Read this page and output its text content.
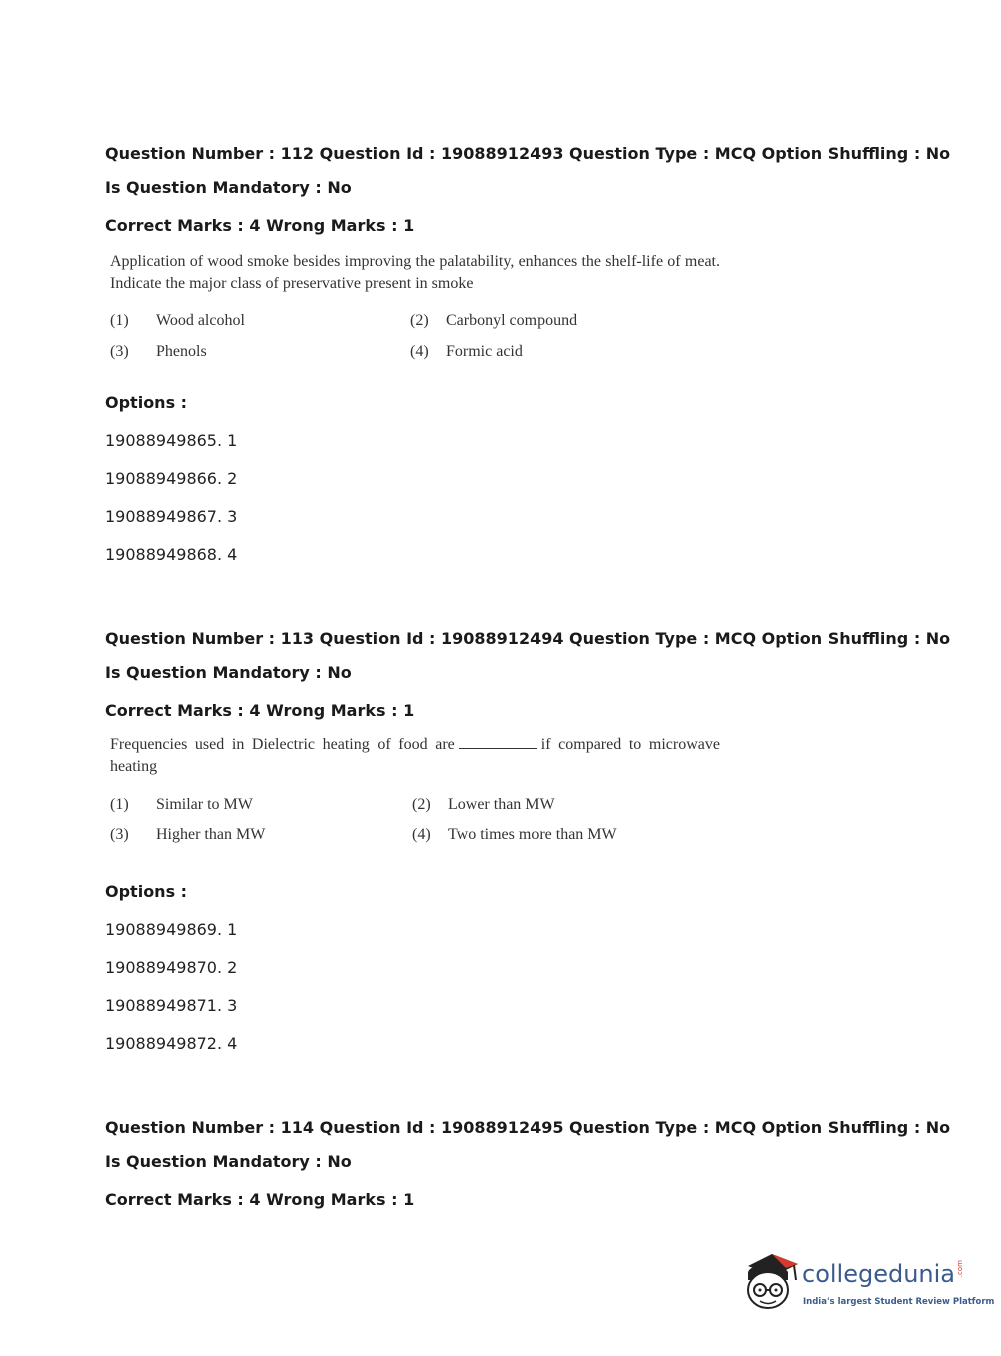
Question Number : 112 Question Id : 19088912493 Question Type : MCQ Option Shuffling : No
Is Question Mandatory : No
Correct Marks : 4 Wrong Marks : 1
Application of wood smoke besides improving the palatability, enhances the shelf-life of meat. Indicate the major class of preservative present in smoke
(1) Wood alcohol	(2) Carbonyl compound
(3) Phenols	(4) Formic acid
Options :
19088949865. 1
19088949866. 2
19088949867. 3
19088949868. 4
Question Number : 113 Question Id : 19088912494 Question Type : MCQ Option Shuffling : No
Is Question Mandatory : No
Correct Marks : 4 Wrong Marks : 1
Frequencies used in Dielectric heating of food are	if compared to microwave heating
(1) Similar to MW	(2) Lower than MW
(3) Higher than MW	(4) Two times more than MW
Options :
19088949869. 1
19088949870. 2
19088949871. 3
19088949872. 4
Question Number : 114 Question Id : 19088912495 Question Type : MCQ Option Shuffling : No
Is Question Mandatory : No
Correct Marks : 4 Wrong Marks : 1
collegedunia.com
India's largest Student Review Platform
